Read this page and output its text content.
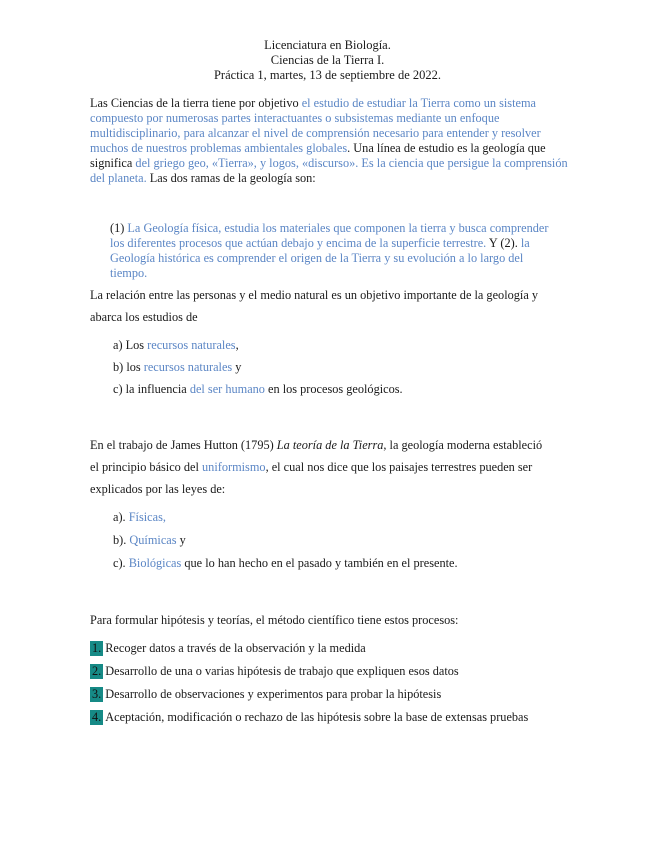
Licenciatura en Biología.
Ciencias de la Tierra I.
Práctica 1, martes, 13 de septiembre de 2022.
Las Ciencias de la tierra tiene por objetivo el estudio de estudiar la Tierra como un sistema compuesto por numerosas partes interactuantes o subsistemas mediante un enfoque multidisciplinario, para alcanzar el nivel de comprensión necesario para entender y resolver muchos de nuestros problemas ambientales globales. Una línea de estudio es la geología que significa del griego geo, «Tierra», y logos, «discurso». Es la ciencia que persigue la comprensión del planeta. Las dos ramas de la geología son:
(1) La Geología física, estudia los materiales que componen la tierra y busca comprender los diferentes procesos que actúan debajo y encima de la superficie terrestre. Y (2). la Geología histórica es comprender el origen de la Tierra y su evolución a lo largo del tiempo.
La relación entre las personas y el medio natural es un objetivo importante de la geología y
abarca los estudios de
a) Los recursos naturales,
b) los recursos naturales y
c) la influencia del ser humano en los procesos geológicos.
En el trabajo de James Hutton (1795) La teoría de la Tierra, la geología moderna estableció
el principio básico del uniformismo, el cual nos dice que los paisajes terrestres pueden ser
explicados por las leyes de:
a). Físicas,
b). Químicas y
c). Biológicas que lo han hecho en el pasado y también en el presente.
Para formular hipótesis y teorías, el método científico tiene estos procesos:
1. Recoger datos a través de la observación y la medida
2. Desarrollo de una o varias hipótesis de trabajo que expliquen esos datos
3. Desarrollo de observaciones y experimentos para probar la hipótesis
4. Aceptación, modificación o rechazo de las hipótesis sobre la base de extensas pruebas
